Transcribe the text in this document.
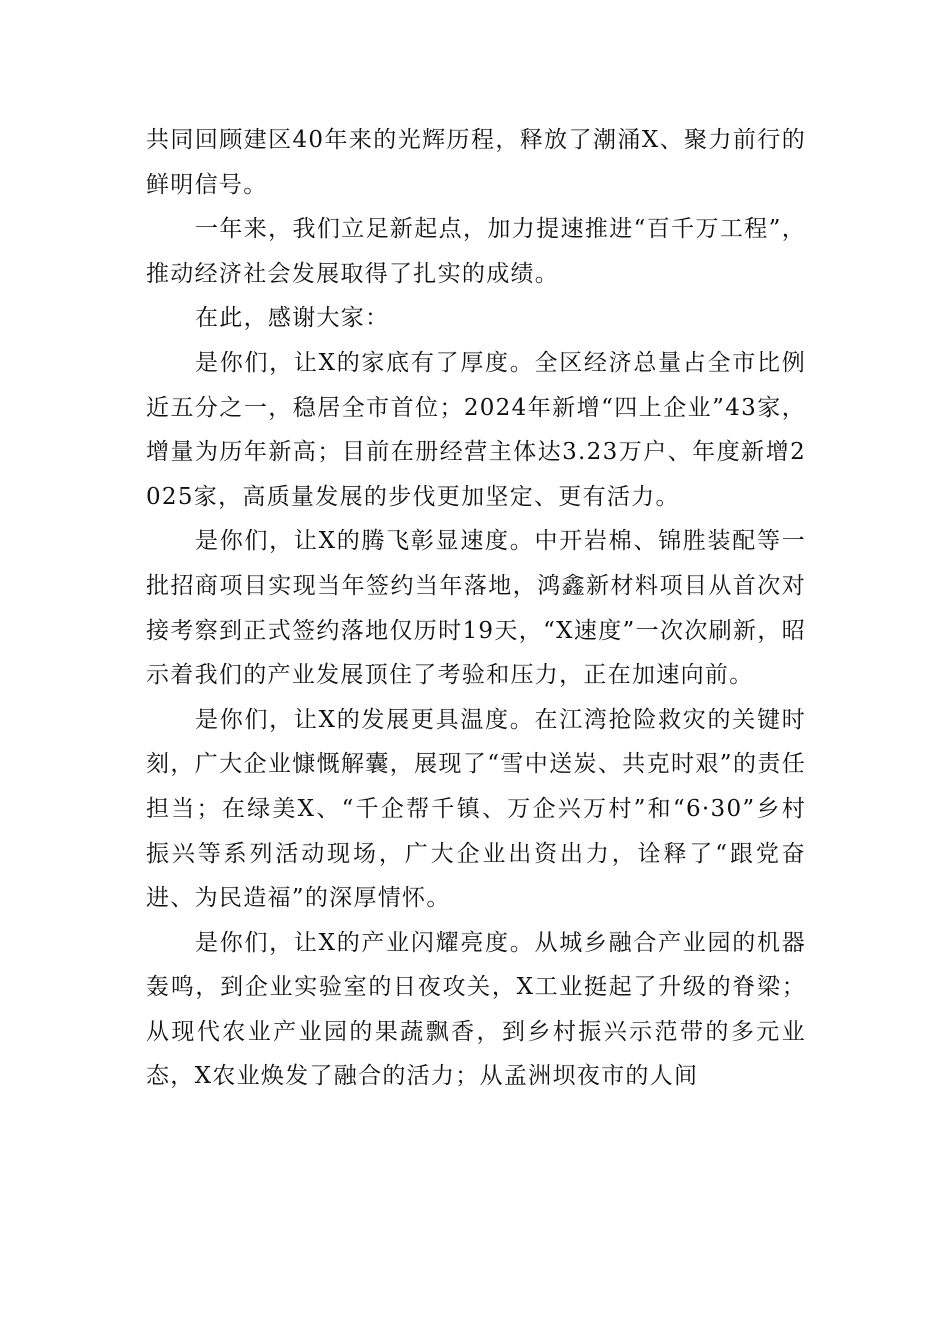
共同回顾建区40年来的光辉历程，释放了潮涌X、聚力前行的鲜明信号。

一年来，我们立足新起点，加力提速推进“百千万工程”，推动经济社会发展取得了扎实的成绩。

在此，感谢大家：

是你们，让X的家底有了厚度。全区经济总量占全市比例近五分之一，稳居全市首位；2024年新增“四上企业”43家，增量为历年新高；目前在册经营主体达3.23万户、年度新增2025家，高质量发展的步伐更加坚定、更有活力。

是你们，让X的腾飞彰显速度。中开岩棉、锦胜装配等一批招商项目实现当年签约当年落地，鸿鑫新材料项目从首次对接考察到正式签约落地仅历时19天，“X速度”一次次刷新，昭示着我们的产业发展顶住了考验和压力，正在加速向前。

是你们，让X的发展更具温度。在江湾抢险救灾的关键时刻，广大企业慷慨解囊，展现了“雪中送炭、共克时艰”的责任担当；在绿美X、“千企帮千镇、万企兴万村”和“6·30”乡村振兴等系列活动现场，广大企业出资出力，诠释了“跟党奋进、为民造福”的深厚情怀。

是你们，让X的产业闪耀亮度。从城乡融合产业园的机器轰鸣，到企业实验室的日夜攻关，X工业挺起了升级的脊梁；从现代农业产业园的果蔬飘香，到乡村振兴示范带的多元业态，X农业焕发了融合的活力；从孟洲坝夜市的人间
